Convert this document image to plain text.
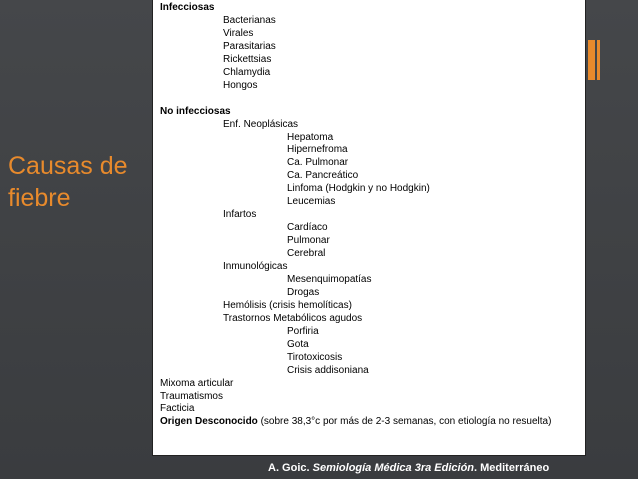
Causas de fiebre
Infecciosas
Bacterianas
Virales
Parasitarias
Rickettsias
Chlamydia
Hongos
No infecciosas
Enf. Neoplásicas
Hepatoma
Hipernefroma
Ca. Pulmonar
Ca. Pancreático
Linfoma (Hodgkin y no Hodgkin)
Leucemias
Infartos
Cardíaco
Pulmonar
Cerebral
Inmunológicas
Mesenquimopatías
Drogas
Hemólisis (crisis hemolíticas)
Trastornos Metabólicos agudos
Porfiria
Gota
Tirotoxicosis
Crisis addisoniana
Mixoma articular
Traumatismos
Facticia
Origen Desconocido (sobre 38,3°c por más de 2-3 semanas, con etiología no resuelta)
A. Goic. Semiología Médica 3ra Edición. Mediterráneo
